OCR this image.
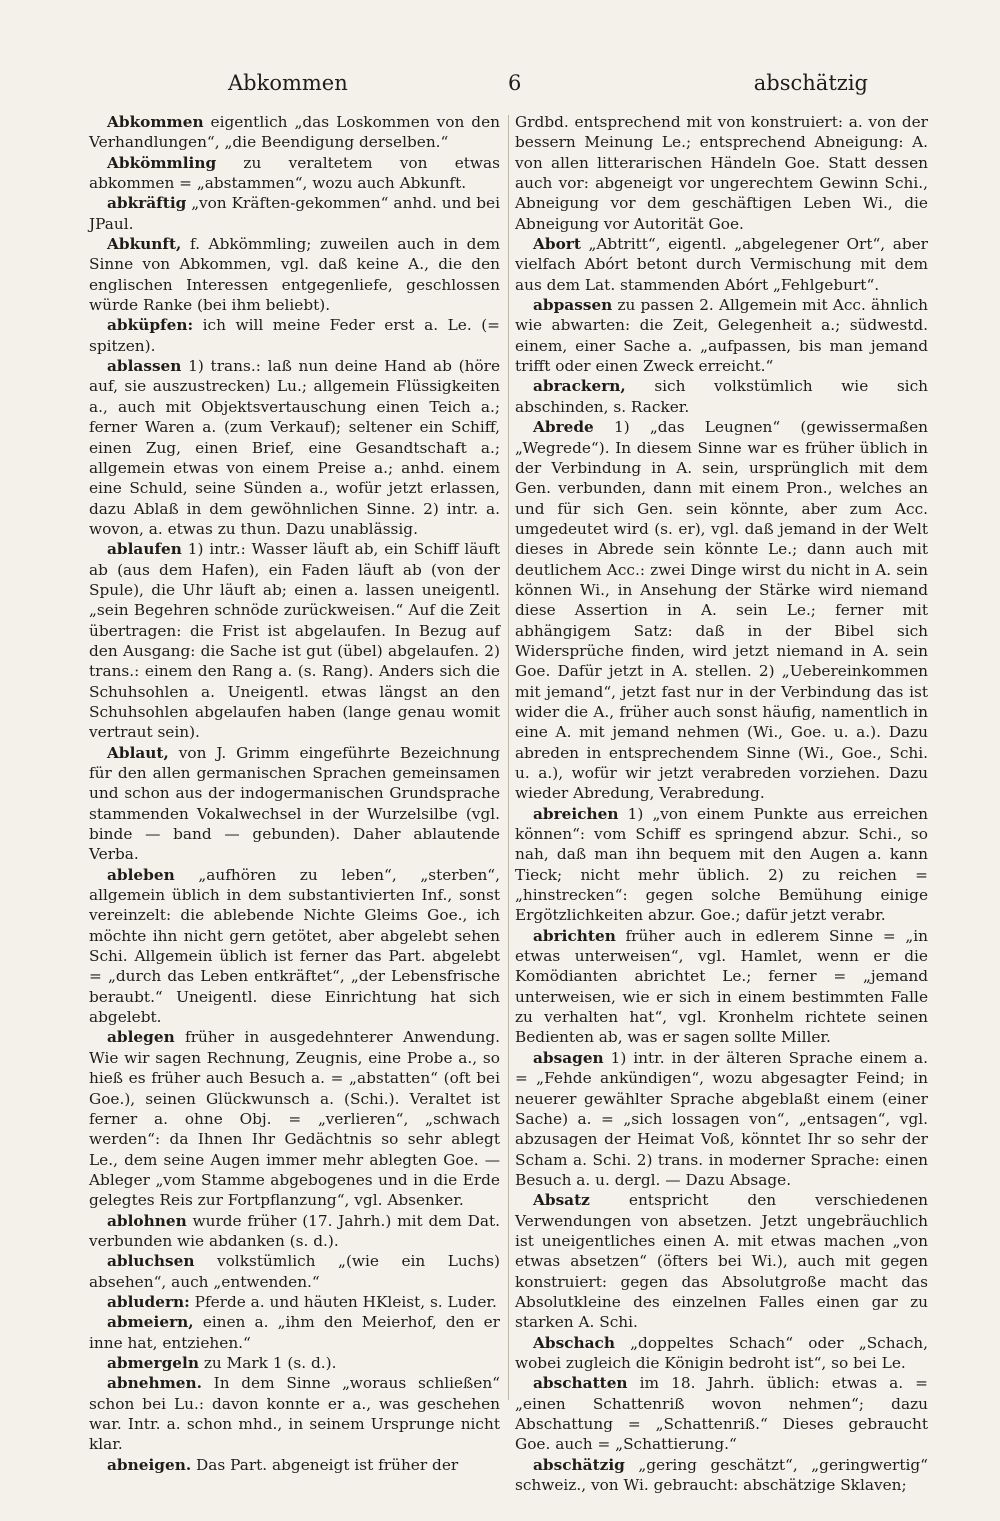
Abkommen	6	abschätzig

Abkommen eigentlich „das Loskommen von den Verhandlungen“, „die Beendigung derselben.“

Abkömmling zu veraltetem von etwas abkommen = „abstammen“, wozu auch Abkunft.

abkräftig „von Kräften-gekommen“ anhd. und bei JPaul.

Abkunft, f. Abkömmling; zuweilen auch in dem Sinne von Abkommen, vgl. daß keine A., die den englischen Interessen entgegenliefe, geschlossen würde Ranke (bei ihm beliebt).

abküpfen: ich will meine Feder erst a. Le. (= spitzen).

ablassen 1) trans.: laß nun deine Hand ab (höre auf, sie auszustrecken) Lu.; allgemein Flüssigkeiten a., auch mit Objektsvertauschung einen Teich a.; ferner Waren a. (zum Verkauf); seltener ein Schiff, einen Zug, einen Brief, eine Gesandtschaft a.; allgemein etwas von einem Preise a.; anhd. einem eine Schuld, seine Sünden a., wofür jetzt erlassen, dazu Ablaß in dem gewöhnlichen Sinne. 2) intr. a. wovon, a. etwas zu thun. Dazu unablässig.

ablaufen 1) intr.: Wasser läuft ab, ein Schiff läuft ab (aus dem Hafen), ein Faden läuft ab (von der Spule), die Uhr läuft ab; einen a. lassen uneigentl. „sein Begehren schnöde zurückweisen.“ Auf die Zeit übertragen: die Frist ist abgelaufen. In Bezug auf den Ausgang: die Sache ist gut (übel) abgelaufen. 2) trans.: einem den Rang a. (s. Rang). Anders sich die Schuhsohlen a. Uneigentl. etwas längst an den Schuhsohlen abgelaufen haben (lange genau womit vertraut sein).

Ablaut, von J. Grimm eingeführte Bezeichnung für den allen germanischen Sprachen gemeinsamen und schon aus der indogermanischen Grundsprache stammenden Vokalwechsel in der Wurzelsilbe (vgl. binde — band — gebunden). Daher ablautende Verba.

ableben „aufhören zu leben“, „sterben“, allgemein üblich in dem substantivierten Inf., sonst vereinzelt: die ablebende Nichte Gleims Goe., ich möchte ihn nicht gern getötet, aber abgelebt sehen Schi. Allgemein üblich ist ferner das Part. abgelebt = „durch das Leben entkräftet“, „der Lebensfrische beraubt.“ Uneigentl. diese Einrichtung hat sich abgelebt.

ablegen früher in ausgedehnterer Anwendung. Wie wir sagen Rechnung, Zeugnis, eine Probe a., so hieß es früher auch Besuch a. = „abstatten“ (oft bei Goe.), seinen Glückwunsch a. (Schi.). Veraltet ist ferner a. ohne Obj. = „verlieren“, „schwach werden“: da Ihnen Ihr Gedächtnis so sehr ablegt Le., dem seine Augen immer mehr ablegten Goe. — Ableger „vom Stamme abgebogenes und in die Erde gelegtes Reis zur Fortpflanzung“, vgl. Absenker.

ablohnen wurde früher (17. Jahrh.) mit dem Dat. verbunden wie abdanken (s. d.).

abluchsen volkstümlich „(wie ein Luchs) absehen“, auch „entwenden.“

abludern: Pferde a. und häuten HKleist, s. Luder.

abmeiern, einen a. „ihm den Meierhof, den er inne hat, entziehen.“

abmergeln zu Mark 1 (s. d.).

abnehmen. In dem Sinne „woraus schließen“ schon bei Lu.: davon konnte er a., was geschehen war. Intr. a. schon mhd., in seinem Ursprunge nicht klar.

abneigen. Das Part. abgeneigt ist früher der

Grdbd. entsprechend mit von konstruiert: a. von der bessern Meinung Le.; entsprechend Abneigung: A. von allen litterarischen Händeln Goe. Statt dessen auch vor: abgeneigt vor ungerechtem Gewinn Schi., Abneigung vor dem geschäftigen Leben Wi., die Abneigung vor Autorität Goe.

Abort „Abtritt“, eigentl. „abgelegener Ort“, aber vielfach Abórt betont durch Vermischung mit dem aus dem Lat. stammenden Abórt „Fehlgeburt“.

abpassen zu passen 2. Allgemein mit Acc. ähnlich wie abwarten: die Zeit, Gelegenheit a.; südwestd. einem, einer Sache a. „aufpassen, bis man jemand trifft oder einen Zweck erreicht.“

abrackern, sich volkstümlich wie sich abschinden, s. Racker.

Abrede 1) „das Leugnen“ (gewissermaßen „Wegrede“). In diesem Sinne war es früher üblich in der Verbindung in A. sein, ursprünglich mit dem Gen. verbunden, dann mit einem Pron., welches an und für sich Gen. sein könnte, aber zum Acc. umgedeutet wird (s. er), vgl. daß jemand in der Welt dieses in Abrede sein könnte Le.; dann auch mit deutlichem Acc.: zwei Dinge wirst du nicht in A. sein können Wi., in Ansehung der Stärke wird niemand diese Assertion in A. sein Le.; ferner mit abhängigem Satz: daß in der Bibel sich Widersprüche finden, wird jetzt niemand in A. sein Goe. Dafür jetzt in A. stellen. 2) „Uebereinkommen mit jemand“, jetzt fast nur in der Verbindung das ist wider die A., früher auch sonst häufig, namentlich in eine A. mit jemand nehmen (Wi., Goe. u. a.). Dazu abreden in entsprechendem Sinne (Wi., Goe., Schi. u. a.), wofür wir jetzt verabreden vorziehen. Dazu wieder Abredung, Verabredung.

abreichen 1) „von einem Punkte aus erreichen können“: vom Schiff es springend abzur. Schi., so nah, daß man ihn bequem mit den Augen a. kann Tieck; nicht mehr üblich. 2) zu reichen = „hinstrecken“: gegen solche Bemühung einige Ergötzlichkeiten abzur. Goe.; dafür jetzt verabr.

abrichten früher auch in edlerem Sinne = „in etwas unterweisen“, vgl. Hamlet, wenn er die Komödianten abrichtet Le.; ferner = „jemand unterweisen, wie er sich in einem bestimmten Falle zu verhalten hat“, vgl. Kronhelm richtete seinen Bedienten ab, was er sagen sollte Miller.

absagen 1) intr. in der älteren Sprache einem a. = „Fehde ankündigen“, wozu abgesagter Feind; in neuerer gewählter Sprache abgeblaßt einem (einer Sache) a. = „sich lossagen von“, „entsagen“, vgl. abzusagen der Heimat Voß, könntet Ihr so sehr der Scham a. Schi. 2) trans. in moderner Sprache: einen Besuch a. u. dergl. — Dazu Absage.

Absatz entspricht den verschiedenen Verwendungen von absetzen. Jetzt ungebräuchlich ist uneigentliches einen A. mit etwas machen „von etwas absetzen“ (öfters bei Wi.), auch mit gegen konstruiert: gegen das Absolutgroße macht das Absolutkleine des einzelnen Falles einen gar zu starken A. Schi.

Abschach „doppeltes Schach“ oder „Schach, wobei zugleich die Königin bedroht ist“, so bei Le.

abschatten im 18. Jahrh. üblich: etwas a. = „einen Schattenriß wovon nehmen“; dazu Abschattung = „Schattenriß.“ Dieses gebraucht Goe. auch = „Schattierung.“

abschätzig „gering geschätzt“, „geringwertig“ schweiz., von Wi. gebraucht: abschätzige Sklaven;
